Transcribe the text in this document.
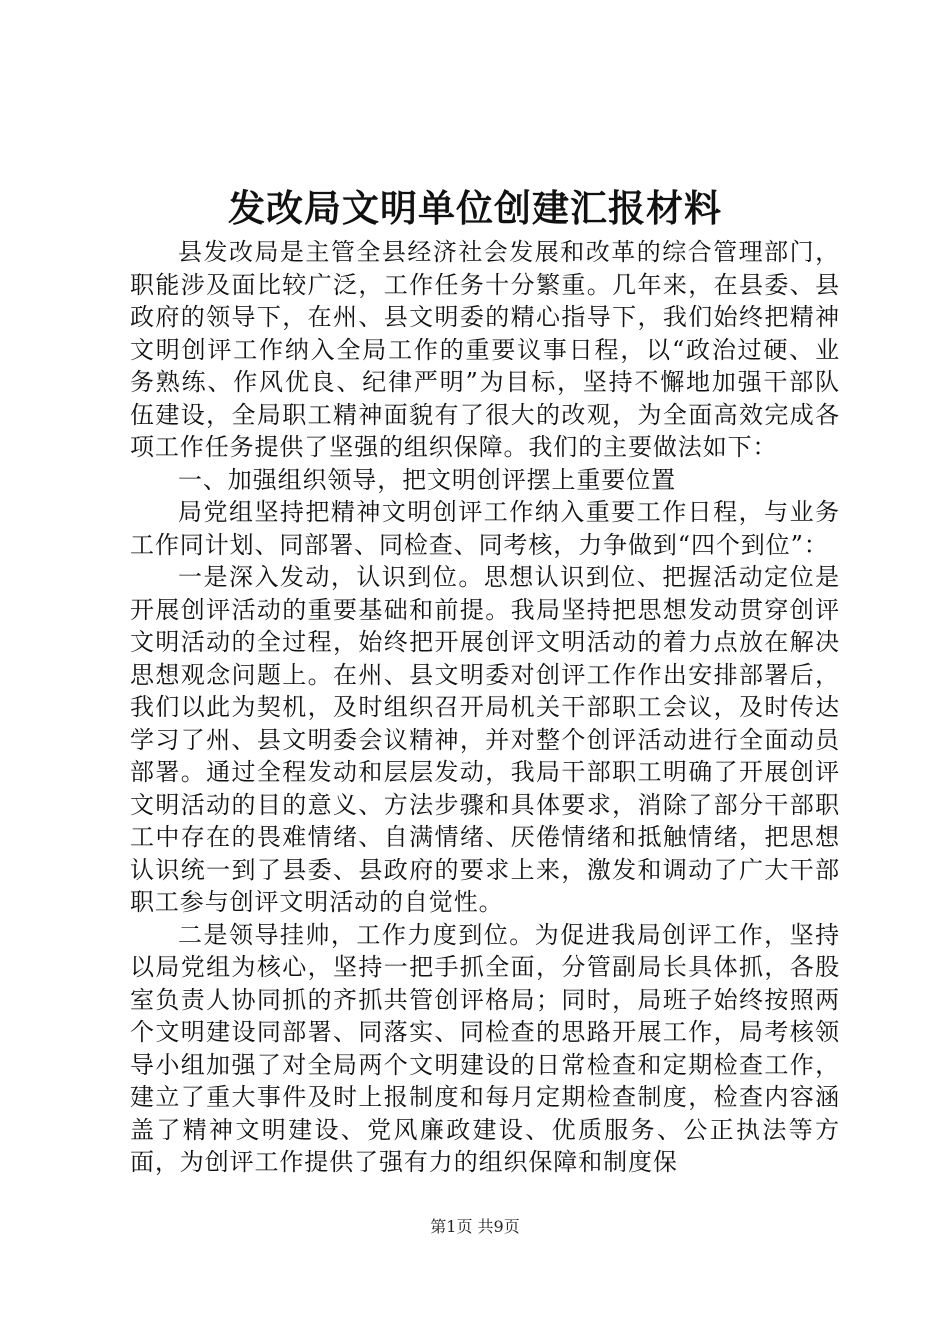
发改局文明单位创建汇报材料

县发改局是主管全县经济社会发展和改革的综合管理部门，职能涉及面比较广泛，工作任务十分繁重。几年来，在县委、县政府的领导下，在州、县文明委的精心指导下，我们始终把精神文明创评工作纳入全局工作的重要议事日程，以“政治过硬、业务熟练、作风优良、纪律严明”为目标，坚持不懈地加强干部队伍建设，全局职工精神面貌有了很大的改观，为全面高效完成各项工作任务提供了坚强的组织保障。我们的主要做法如下：

一、加强组织领导，把文明创评摆上重要位置

局党组坚持把精神文明创评工作纳入重要工作日程，与业务工作同计划、同部署、同检查、同考核，力争做到“四个到位”：

一是深入发动，认识到位。思想认识到位、把握活动定位是开展创评活动的重要基础和前提。我局坚持把思想发动贯穿创评文明活动的全过程，始终把开展创评文明活动的着力点放在解决思想观念问题上。在州、县文明委对创评工作作出安排部署后，我们以此为契机，及时组织召开局机关干部职工会议，及时传达学习了州、县文明委会议精神，并对整个创评活动进行全面动员部署。通过全程发动和层层发动，我局干部职工明确了开展创评文明活动的目的意义、方法步骤和具体要求，消除了部分干部职工中存在的畏难情绪、自满情绪、厌倦情绪和抵触情绪，把思想认识统一到了县委、县政府的要求上来，激发和调动了广大干部职工参与创评文明活动的自觉性。

二是领导挂帅，工作力度到位。为促进我局创评工作，坚持以局党组为核心，坚持一把手抓全面，分管副局长具体抓，各股室负责人协同抓的齐抓共管创评格局；同时，局班子始终按照两个文明建设同部署、同落实、同检查的思路开展工作，局考核领导小组加强了对全局两个文明建设的日常检查和定期检查工作，建立了重大事件及时上报制度和每月定期检查制度，检查内容涵盖了精神文明建设、党风廉政建设、优质服务、公正执法等方面，为创评工作提供了强有力的组织保障和制度保

第1页 共9页
